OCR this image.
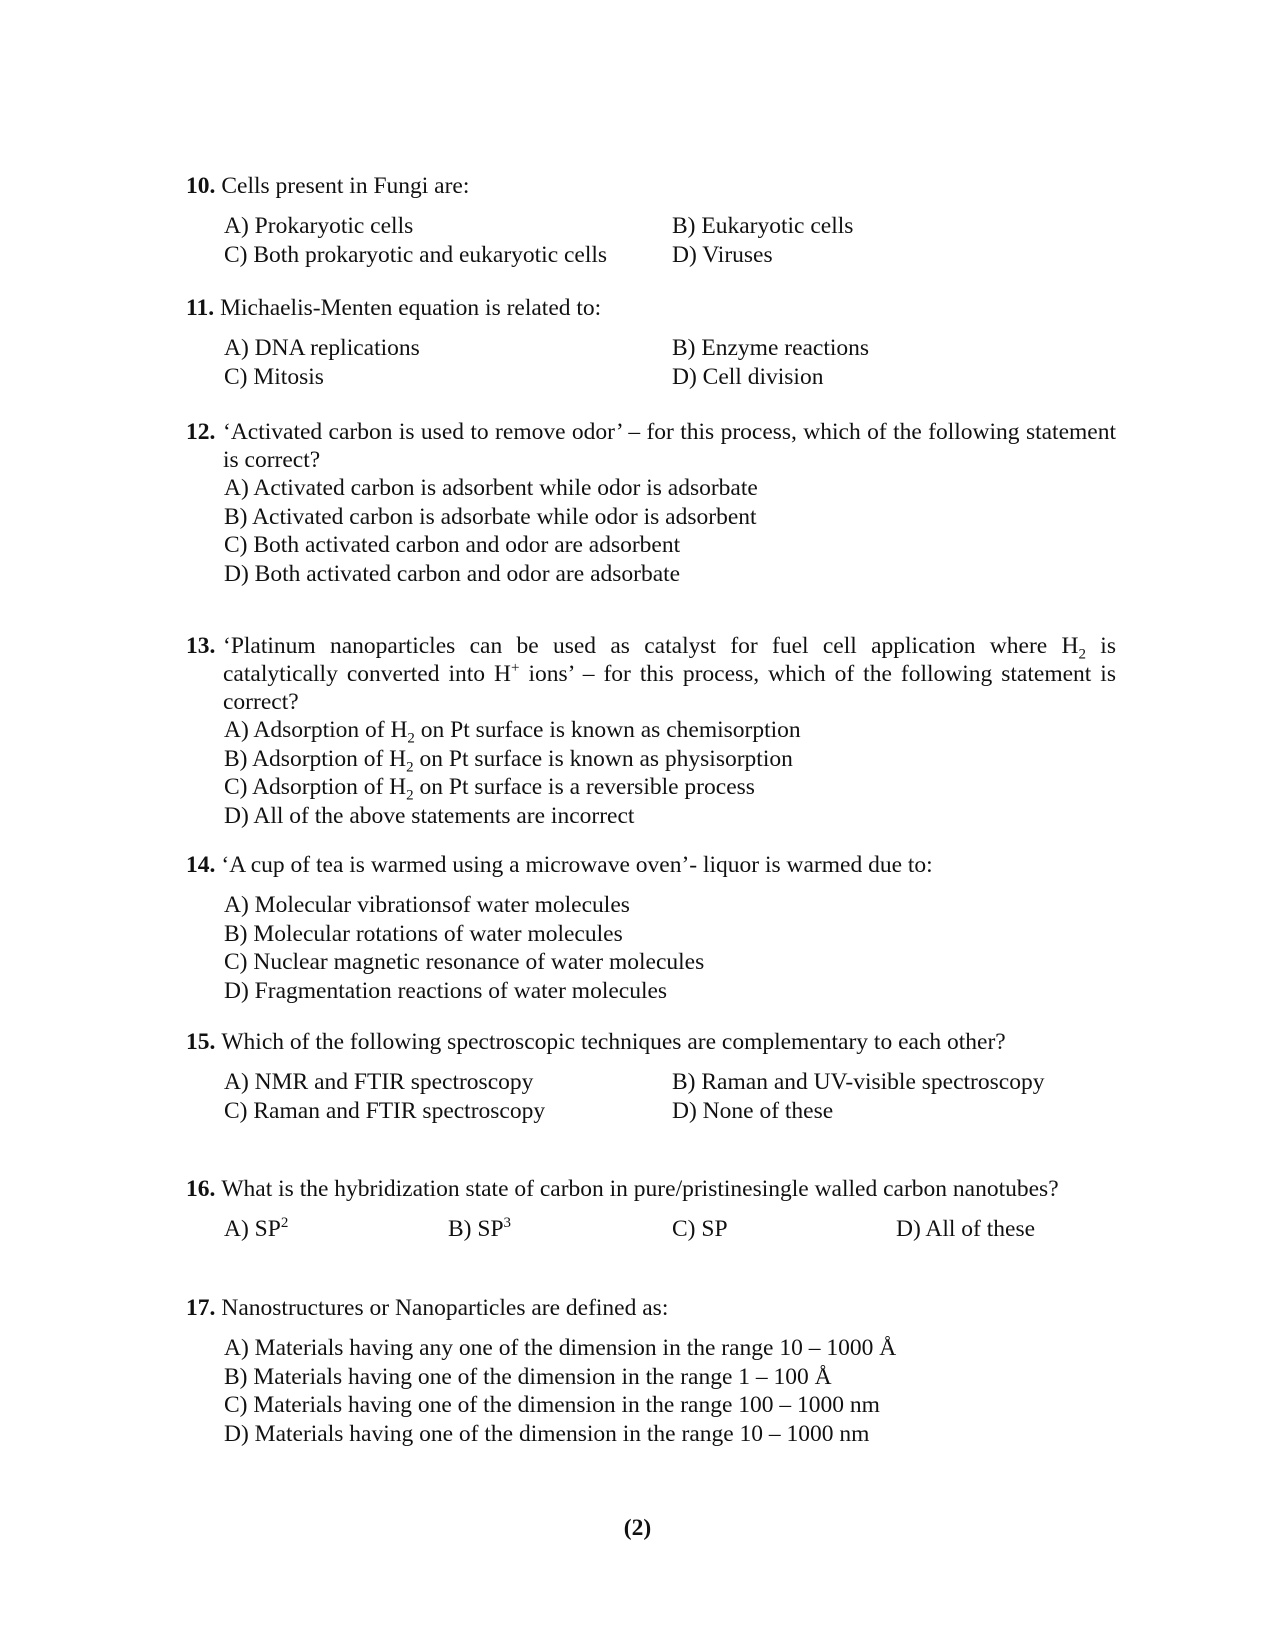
10. Cells present in Fungi are:
A) Prokaryotic cells	B) Eukaryotic cells
C) Both prokaryotic and eukaryotic cells	D) Viruses
11. Michaelis-Menten equation is related to:
A) DNA replications	B) Enzyme reactions
C) Mitosis	D) Cell division
12. ‘Activated carbon is used to remove odor’ – for this process, which of the following statement is correct?
A) Activated carbon is adsorbent while odor is adsorbate
B) Activated carbon is adsorbate while odor is adsorbent
C) Both activated carbon and odor are adsorbent
D) Both activated carbon and odor are adsorbate
13. ‘Platinum nanoparticles can be used as catalyst for fuel cell application where $H_2$ is catalytically converted into H+ ions’ – for this process, which of the following statement is correct?
A) Adsorption of $H_2$ on Pt surface is known as chemisorption
B) Adsorption of $H_2$ on Pt surface is known as physisorption
C) Adsorption of $H_2$ on Pt surface is a reversible process
D) All of the above statements are incorrect
14. ‘A cup of tea is warmed using a microwave oven’- liquor is warmed due to:
A) Molecular vibrationsof water molecules
B) Molecular rotations of water molecules
C) Nuclear magnetic resonance of water molecules
D) Fragmentation reactions of water molecules
15. Which of the following spectroscopic techniques are complementary to each other?
A) NMR and FTIR spectroscopy	B) Raman and UV-visible spectroscopy
C) Raman and FTIR spectroscopy	D) None of these
16. What is the hybridization state of carbon in pure/pristinesingle walled carbon nanotubes?
A) $SP^2$	B) $SP^3$	C) SP	D) All of these
17. Nanostructures or Nanoparticles are defined as:
A) Materials having any one of the dimension in the range 10 – 1000 Å
B) Materials having one of the dimension in the range 1 – 100 Å
C) Materials having one of the dimension in the range 100 – 1000 nm
D) Materials having one of the dimension in the range 10 – 1000 nm
(2)
